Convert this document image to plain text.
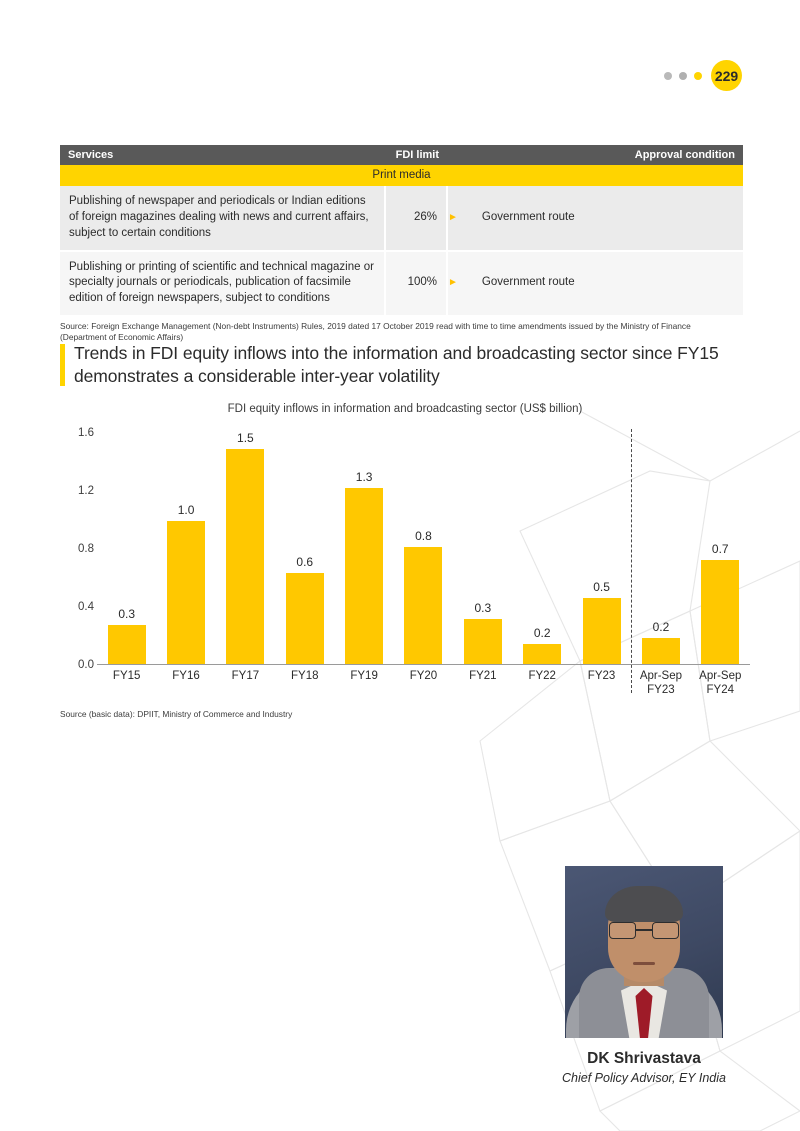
229
Services	FDI limit	Approval condition
Print media		
Publishing of newspaper and periodicals or Indian editions of foreign magazines dealing with news and current affairs, subject to certain conditions	26%	► Government route

Publishing or printing of scientific and technical magazine or specialty journals or periodicals, publication of facsimile edition of foreign newspapers, subject to conditions	100%	► Government route
Source: Foreign Exchange Management (Non-debt Instruments) Rules, 2019 dated 17 October 2019 read with time to time amendments issued by the Ministry of Finance (Department of Economic Affairs)
Trends in FDI equity inflows into the information and broadcasting sector since FY15 demonstrates a considerable inter-year volatility
FDI equity inflows in information and broadcasting sector (US$ billion)
0.0
0.4
0.8
1.2
1.6
0.3
1.0
1.5
0.6
1.3
0.8
0.3
0.2
0.5
0.2
0.7
FY15	FY16	FY17	FY18	FY19	FY20	FY21	FY22	FY23	Apr-Sep
FY23
Apr-Sep
FY24
Source (basic data): DPIIT, Ministry of Commerce and Industry
DK Shrivastava
Chief Policy Advisor, EY India
